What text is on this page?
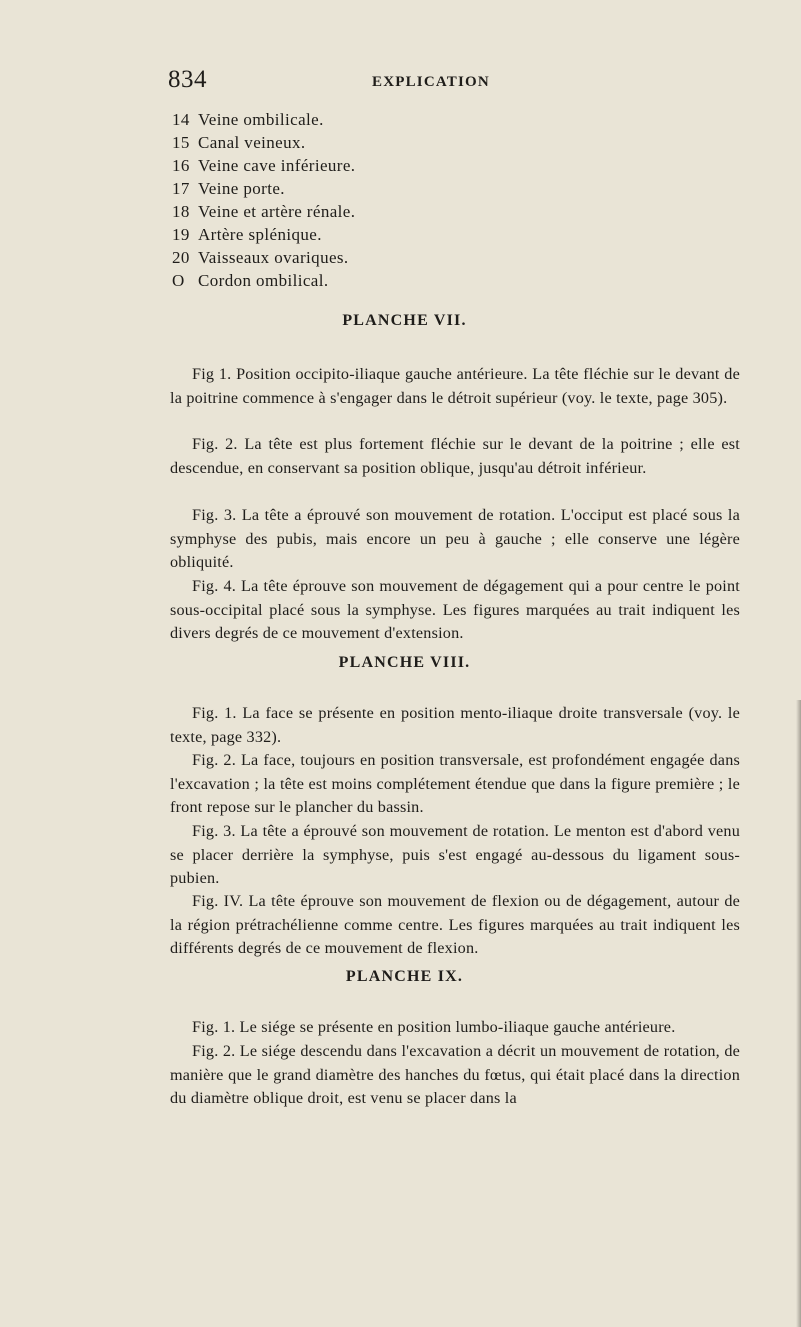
834	EXPLICATION
14 Veine ombilicale.
15 Canal veineux.
16 Veine cave inférieure.
17 Veine porte.
18 Veine et artère rénale.
19 Artère splénique.
20 Vaisseaux ovariques.
O Cordon ombilical.
PLANCHE VII.

Fig 1. Position occipito-iliaque gauche antérieure. La tête fléchie sur le devant de la poitrine commence à s'engager dans le détroit supérieur (voy. le texte, page 305).

Fig. 2. La tête est plus fortement fléchie sur le devant de la poitrine ; elle est descendue, en conservant sa position oblique, jusqu'au détroit inférieur.

Fig. 3. La tête a éprouvé son mouvement de rotation. L'occiput est placé sous la symphyse des pubis, mais encore un peu à gauche ; elle conserve une légère obliquité.

Fig. 4. La tête éprouve son mouvement de dégagement qui a pour centre le point sous-occipital placé sous la symphyse. Les figures marquées au trait indiquent les divers degrés de ce mouvement d'extension.

PLANCHE VIII.

Fig. 1. La face se présente en position mento-iliaque droite transversale (voy. le texte, page 332).

Fig. 2. La face, toujours en position transversale, est profondément engagée dans l'excavation ; la tête est moins complétement étendue que dans la figure première ; le front repose sur le plancher du bassin.

Fig. 3. La tête a éprouvé son mouvement de rotation. Le menton est d'abord venu se placer derrière la symphyse, puis s'est engagé au-dessous du ligament sous-pubien.

Fig. IV. La tête éprouve son mouvement de flexion ou de dégagement, autour de la région prétrachélienne comme centre. Les figures marquées au trait indiquent les différents degrés de ce mouvement de flexion.

PLANCHE IX.

Fig. 1. Le siége se présente en position lumbo-iliaque gauche antérieure.

Fig. 2. Le siége descendu dans l'excavation a décrit un mouvement de rotation, de manière que le grand diamètre des hanches du fœtus, qui était placé dans la direction du diamètre oblique droit, est venu se placer dans la
